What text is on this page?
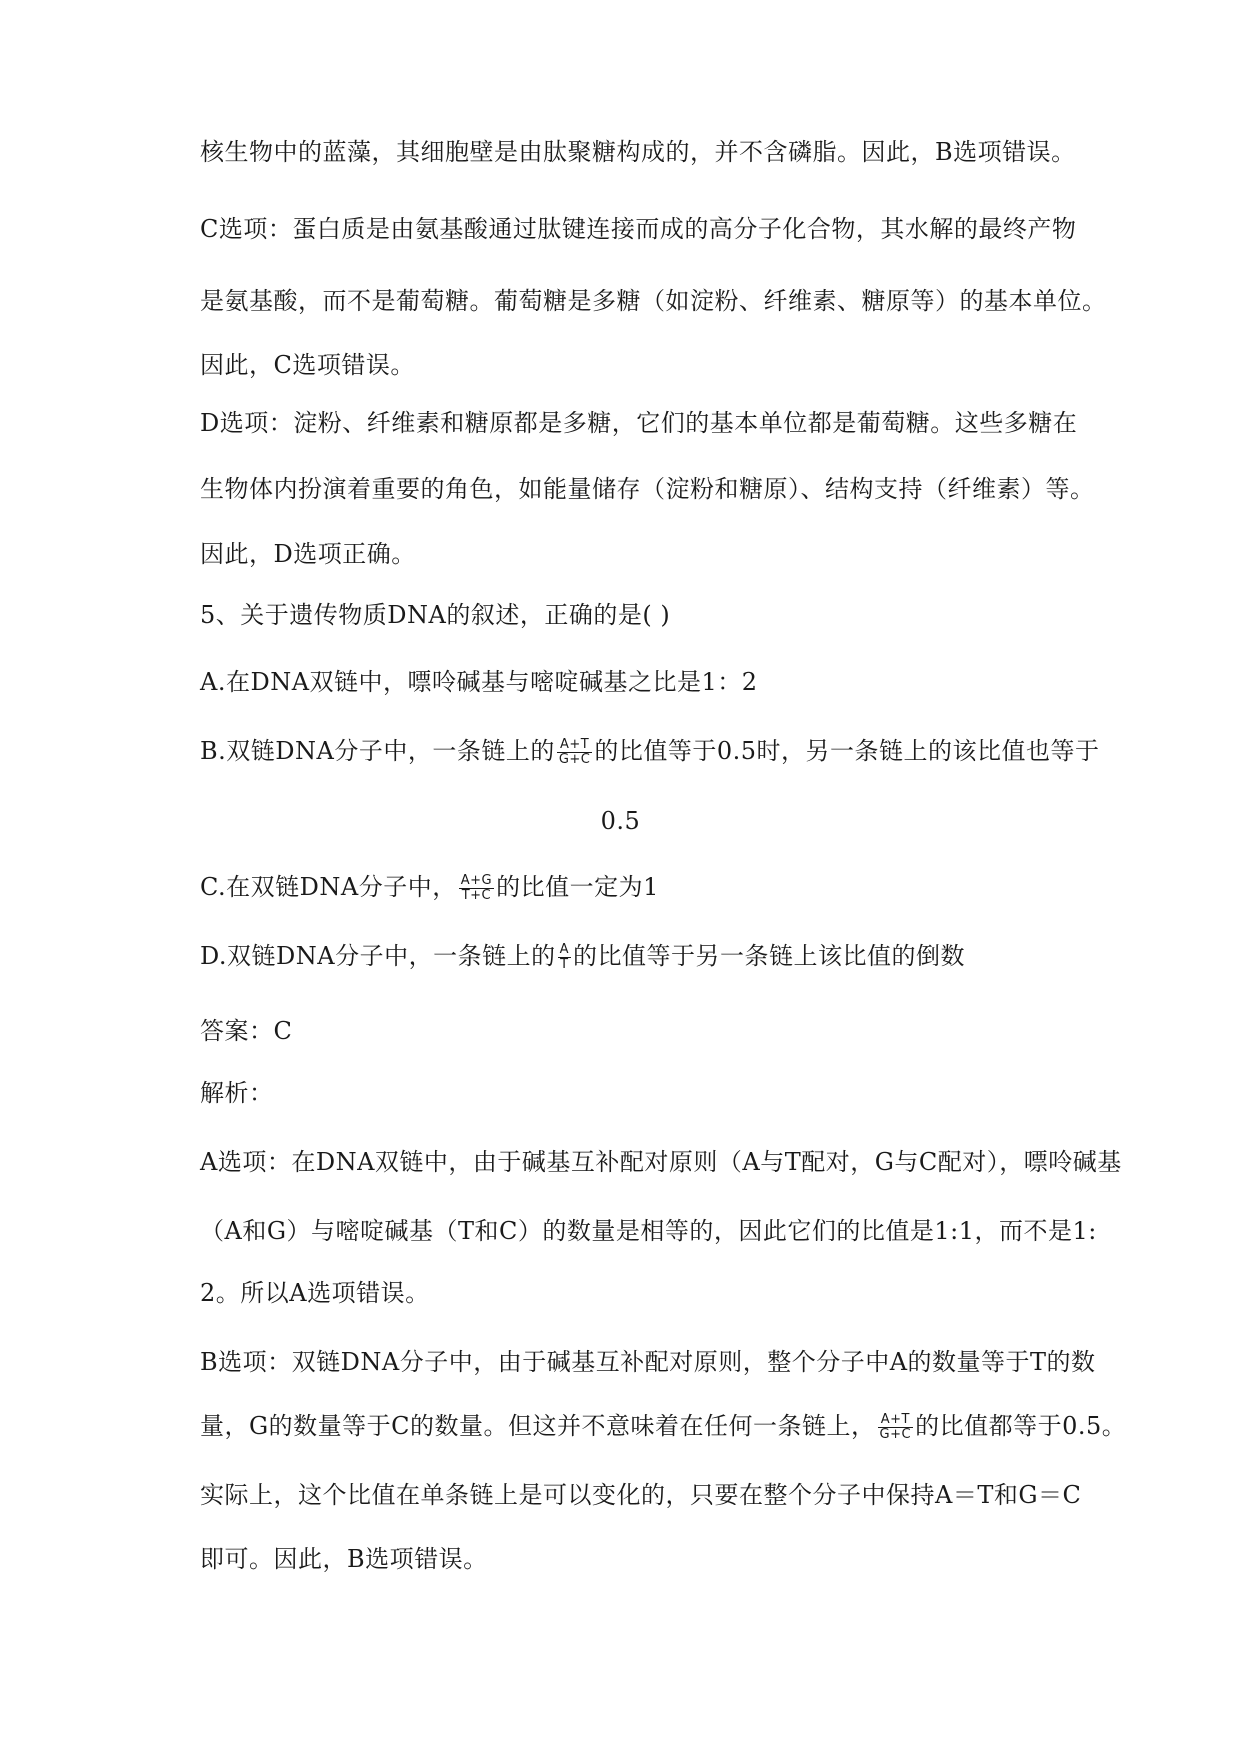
核生物中的蓝藻，其细胞壁是由肽聚糖构成的，并不含磷脂。因此，B选项错误。
C选项：蛋白质是由氨基酸通过肽键连接而成的高分子化合物，其水解的最终产物
是氨基酸，而不是葡萄糖。葡萄糖是多糖（如淀粉、纤维素、糖原等）的基本单位。
因此，C选项错误。
D选项：淀粉、纤维素和糖原都是多糖，它们的基本单位都是葡萄糖。这些多糖在
生物体内扮演着重要的角色，如能量储存（淀粉和糖原）、结构支持（纤维素）等。
因此，D选项正确。
5、关于遗传物质DNA的叙述，正确的是( )
A.在DNA双链中，嘌呤碱基与嘧啶碱基之比是1：2
B.双链DNA分子中，一条链上的 $\frac{A+T}{G+C}$ 的比值等于0.5时，另一条链上的该比值也等于
0.5
C.在双链DNA分子中， $\frac{A+G}{T+C}$ 的比值一定为1
D.双链DNA分子中，一条链上的 $\frac{A}{T}$ 的比值等于另一条链上该比值的倒数
答案：C
解析：
A选项：在DNA双链中，由于碱基互补配对原则（A与T配对，G与C配对），嘌呤碱基
（A和G）与嘧啶碱基（T和C）的数量是相等的，因此它们的比值是1:1，而不是1:
2。所以A选项错误。
B选项：双链DNA分子中，由于碱基互补配对原则，整个分子中A的数量等于T的数
量，G的数量等于C的数量。但这并不意味着在任何一条链上， $\frac{A+T}{G+C}$ 的比值都等于0.5。
实际上，这个比值在单条链上是可以变化的，只要在整个分子中保持A＝T和G＝C
即可。因此，B选项错误。
